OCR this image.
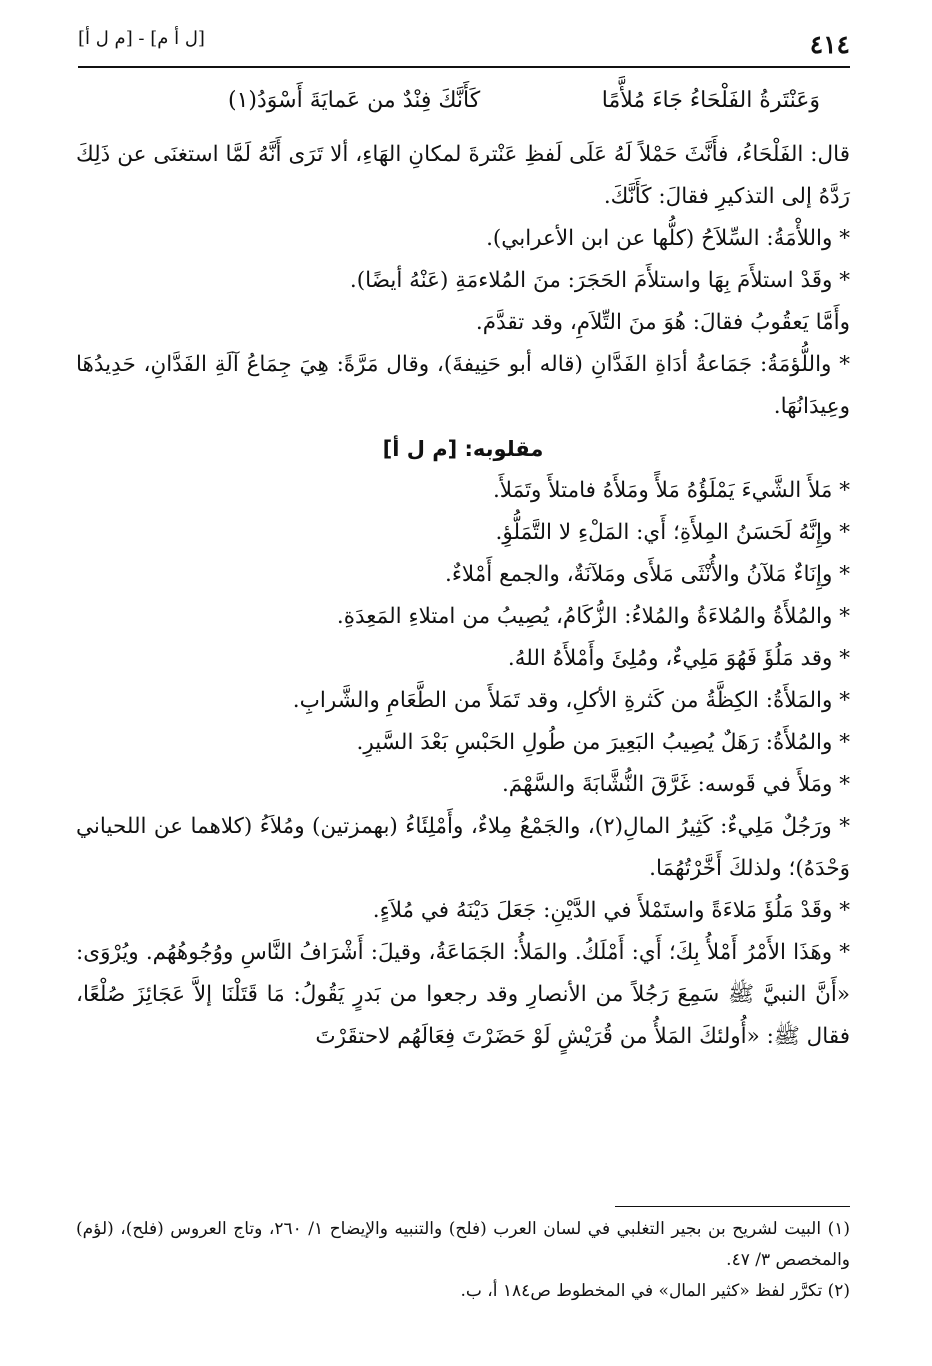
٤١٤
[ل أ م] - [م ل أ]
وَعَنْتَرةُ الفَلْحَاءُ جَاءَ مُلأَّمًا
كَأَنَّكَ فِنْدٌ من عَمايَةَ أَسْوَدُ(١)

قال: الفَلْحَاءُ، فأَنَّثَ حَمْلاً لَهُ عَلَى لَفظِ عَنْترةَ لمكانِ الهَاءِ، ألا تَرَى أَنَّهُ لَمَّا استغنَى عن ذَلِكَ رَدَّهُ إلى التذكيرِ فقالَ: كَأَنَّكَ.

* واللأْمَةُ: السِّلاَحُ (كلُّها عن ابن الأعرابي).

* وقَدْ استلأَمَ بِهَا واستلأَمَ الحَجَرَ: منَ المُلاءمَةِ (عَنْهُ أيضًا).

وأَمَّا يَعقُوبُ فقالَ: هُوَ منَ التِّلاَمِ، وقد تقدَّمَ.

* واللُّؤمَةُ: جَمَاعةُ أدَاةِ الفَدَّانِ (قاله أبو حَنِيفةَ)، وقال مَرَّةً: هِيَ جِمَاعُ آلَةِ الفَدَّانِ، حَدِيدُهَا وعِيدَانُهَا.

مقلوبه: [م ل أ]

* مَلأَ الشَّيءَ يَمْلَؤُهُ مَلأً ومَلأَهُ فامتلأَ وتَمَلأَ.

* وإِنَّهُ لَحَسَنُ المِلأَةِ؛ أَي: المَلْءِ لا التَّمَلُّؤِ.

* وإِنَاءٌ مَلآنُ والأُنْثَى مَلأَى ومَلآنَةٌ، والجمع أَمْلاءٌ.

* والمُلأَةُ والمُلاءَةُ والمُلاءُ: الزُّكَامُ، يُصِيبُ من امتلاءِ المَعِدَةِ.

* وقد مَلُؤَ فَهُوَ مَلِيءٌ، ومُلِئَ وأَمْلأَهُ اللهُ.

* والمَلأَةُ: الكِظَّةُ من كَثرةِ الأكلِ، وقد تَمَلأَ من الطَّعَامِ والشَّرابِ.

* والمُلأَةُ: رَهَلٌ يُصِيبُ البَعِيرَ من طُولِ الحَبْسِ بَعْدَ السَّيرِ.

* ومَلأَ في قَوسه: غَرَّقَ النُّشَّابَةَ والسَّهْمَ.

* ورَجُلٌ مَلِيءٌ: كَثِيرُ المالِ(٢)، والجَمْعُ مِلاءٌ، وأَمْلِئَاءُ (بهمزتين) ومُلاَءُ (كلاهما عن اللحياني وَحْدَهُ)؛ ولذلكَ أَخَّرْتُهُمَا.

* وقَدْ مَلُؤَ مَلاءَةً واستَمْلأَ في الدَّيْنِ: جَعَلَ دَيْنَهُ في مُلاَءٍ.

* وهَذَا الأَمْرُ أَمْلأُ بِكَ؛ أَي: أَمْلَكُ. والمَلأُ: الجَمَاعَةُ، وقيلَ: أَشْرَافُ النَّاسِ ووُجُوهُهُم. ويُرْوَى: «أَنَّ النبيَّ ﷺ سَمِعَ رَجُلاً من الأنصارِ وقد رجعوا من بَدرٍ يَقُولُ: مَا قَتَلْنَا إلاَّ عَجَائِزَ صُلْعًا، فقال ﷺ: «أُولئكَ المَلأُ من قُرَيْشٍ لَوْ حَضَرْتَ فِعَالَهُم لاحتقَرْتَ

(١) البيت لشريح بن بجير التغلبي في لسان العرب (فلح) والتنبيه والإيضاح ١/ ٢٦٠، وتاج العروس (فلح)، (لؤم) والمخصص ٣/ ٤٧.

(٢) تكرَّر لفظ «كثير المال» في المخطوط ص١٨٤ أ، ب.
